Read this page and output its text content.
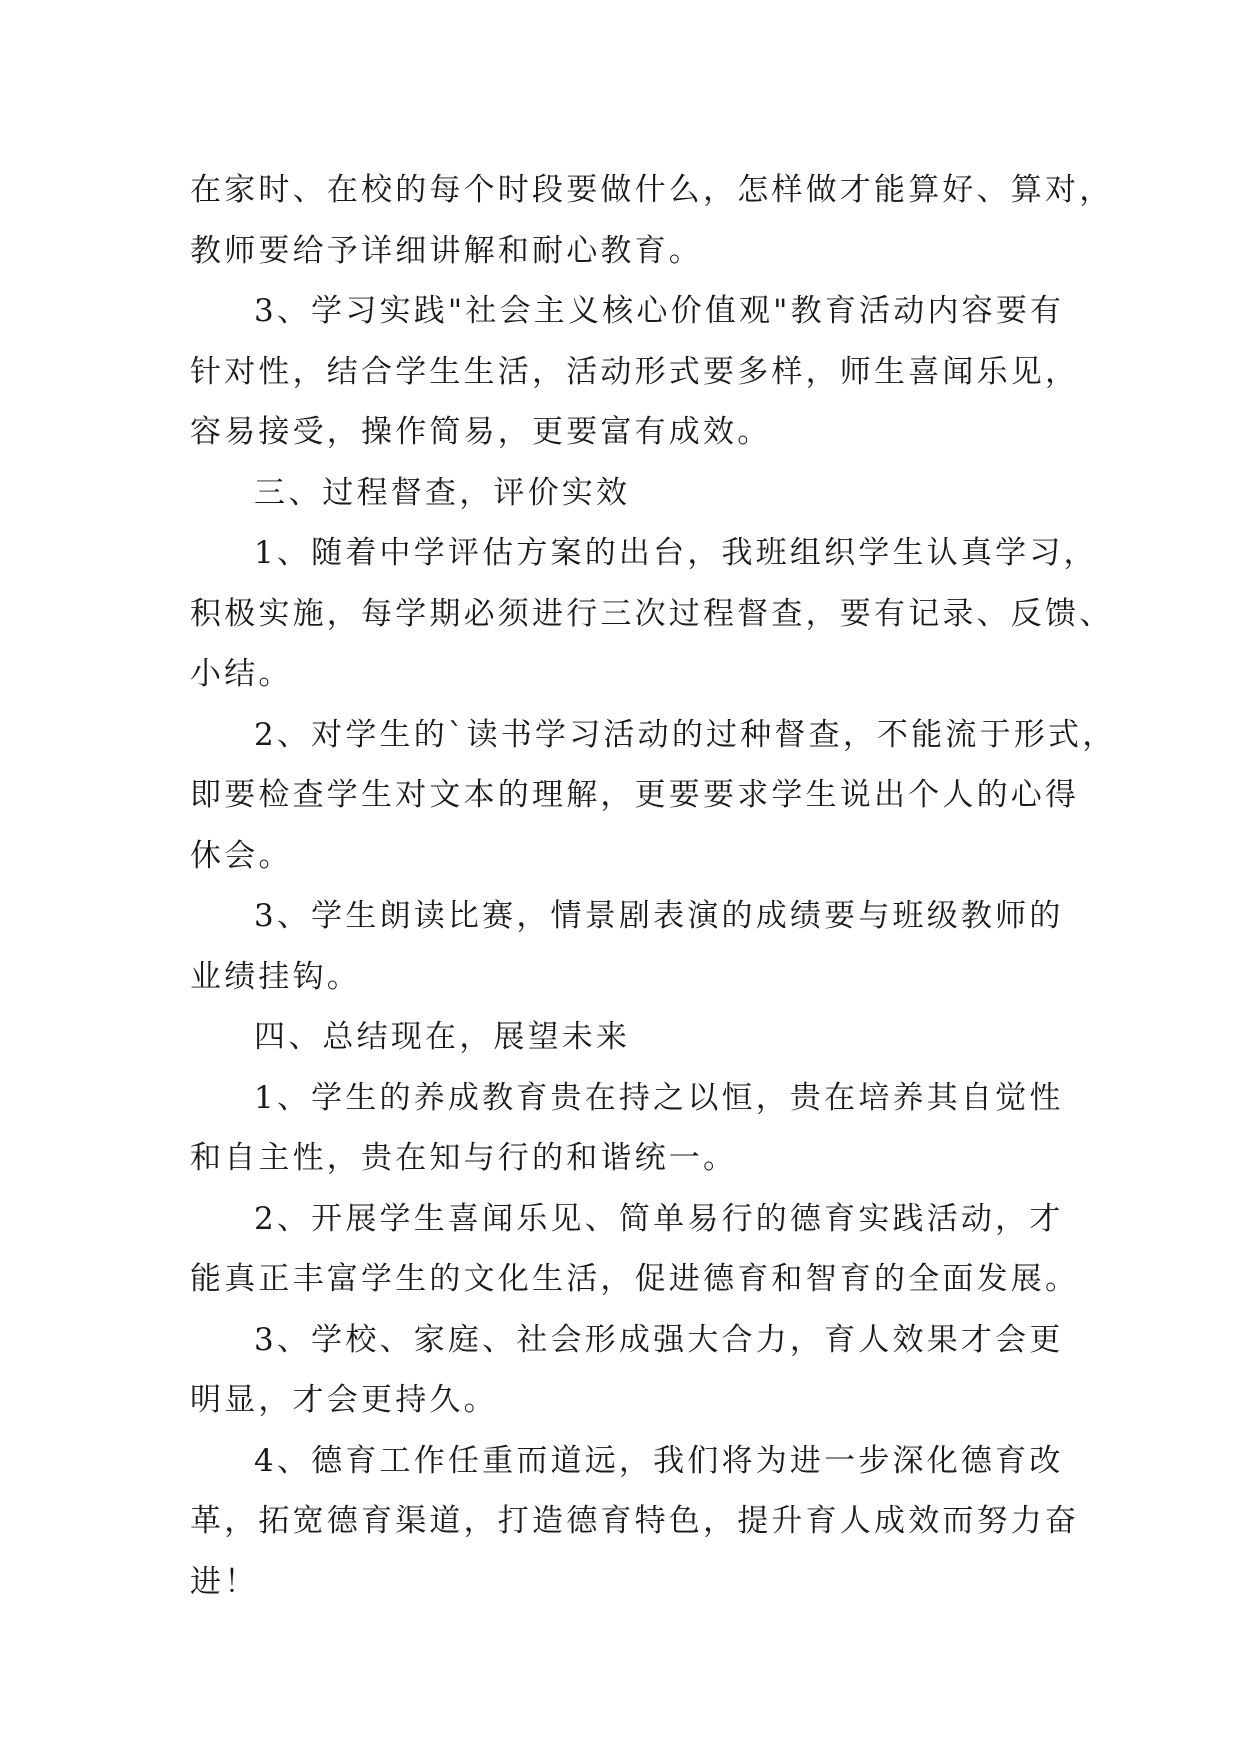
在家时、在校的每个时段要做什么，怎样做才能算好、算对，
教师要给予详细讲解和耐心教育。
3、学习实践"社会主义核心价值观"教育活动内容要有
针对性，结合学生生活，活动形式要多样，师生喜闻乐见，
容易接受，操作简易，更要富有成效。
三、过程督查，评价实效
1、随着中学评估方案的出台，我班组织学生认真学习，
积极实施，每学期必须进行三次过程督查，要有记录、反馈、
小结。
2、对学生的`读书学习活动的过种督查，不能流于形式，
即要检查学生对文本的理解，更要要求学生说出个人的心得
休会。
3、学生朗读比赛，情景剧表演的成绩要与班级教师的
业绩挂钩。
四、总结现在，展望未来
1、学生的养成教育贵在持之以恒，贵在培养其自觉性
和自主性，贵在知与行的和谐统一。
2、开展学生喜闻乐见、简单易行的德育实践活动，才
能真正丰富学生的文化生活，促进德育和智育的全面发展。
3、学校、家庭、社会形成强大合力，育人效果才会更
明显，才会更持久。
4、德育工作任重而道远，我们将为进一步深化德育改
革，拓宽德育渠道，打造德育特色，提升育人成效而努力奋
进！
